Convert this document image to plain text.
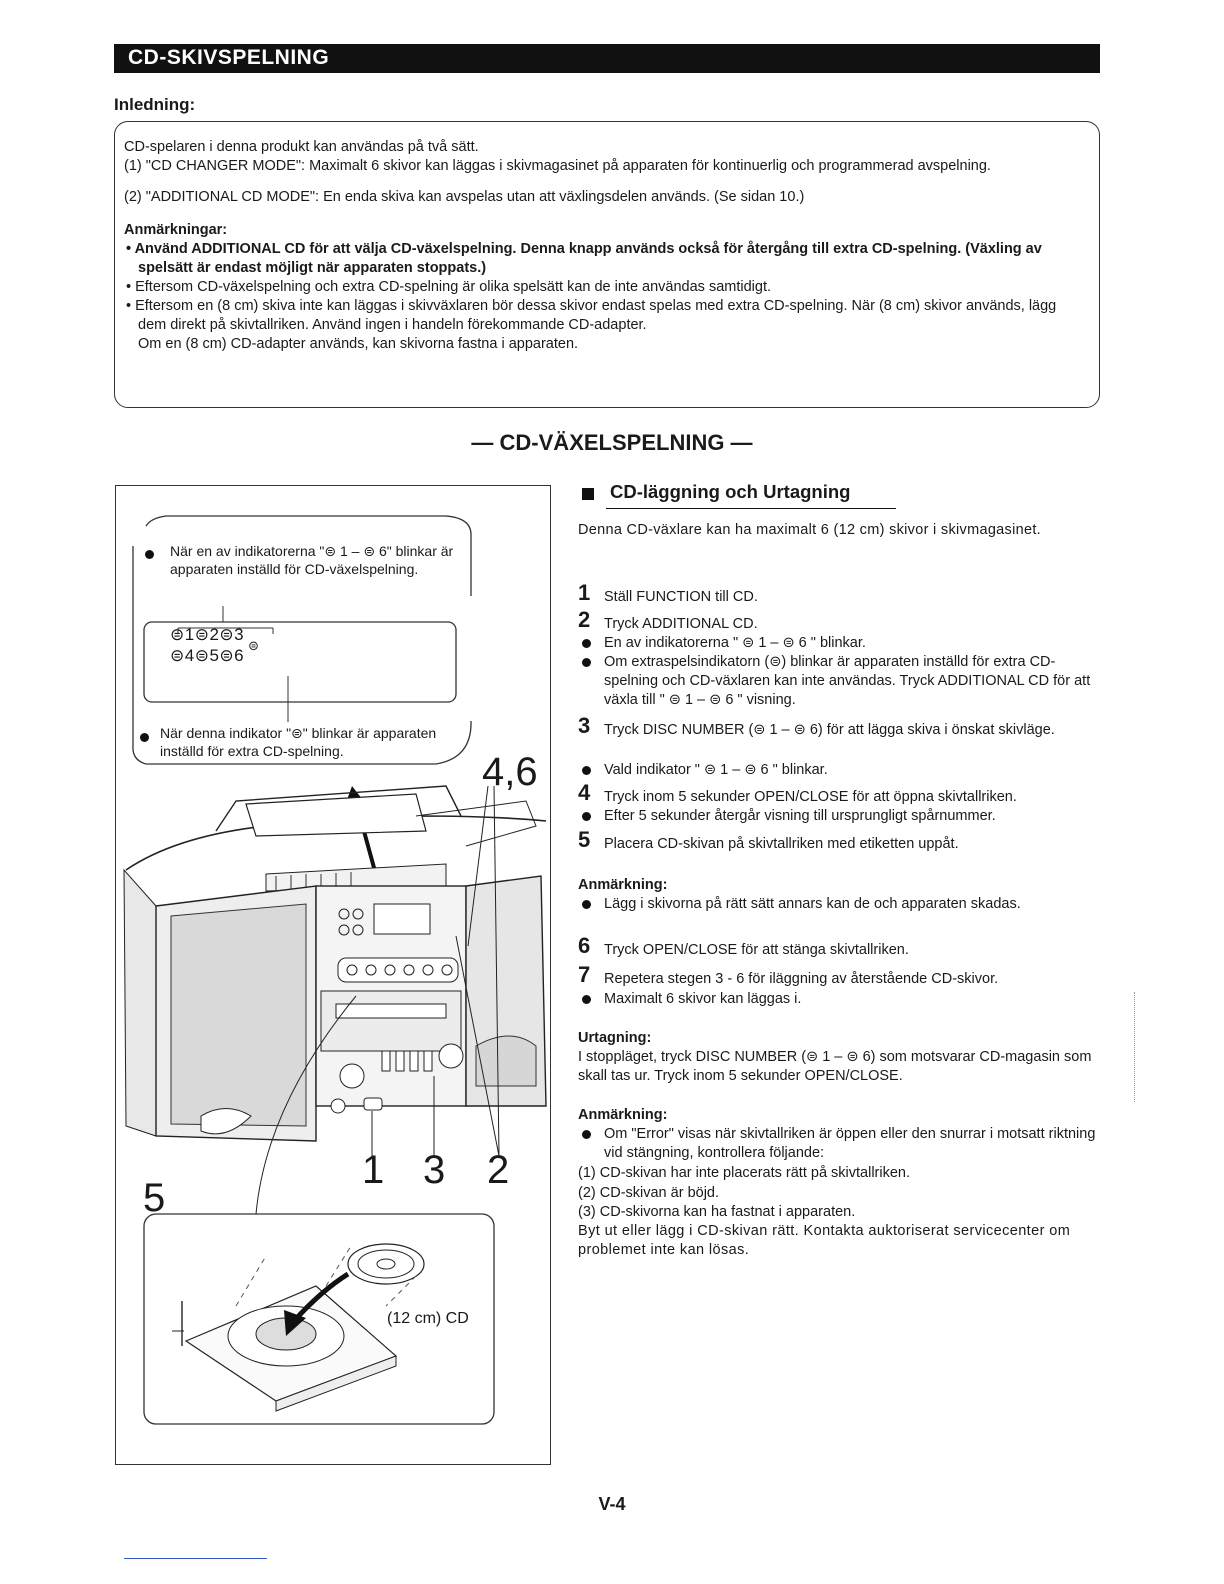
CD-SKIVSPELNING
Inledning:

CD-spelaren i denna produkt kan användas på två sätt.

(1) "CD CHANGER MODE": Maximalt 6 skivor kan läggas i skivmagasinet på apparaten för kontinuerlig och programmerad avspelning.

(2) "ADDITIONAL CD MODE": En enda skiva kan avspelas utan att växlingsdelen används. (Se sidan 10.)

Anmärkningar:

• Använd ADDITIONAL CD för att välja CD-växelspelning. Denna knapp används också för återgång till extra CD-spelning. (Växling av spelsätt är endast möjligt när apparaten stoppats.)

• Eftersom CD-växelspelning och extra CD-spelning är olika spelsätt kan de inte användas samtidigt.

• Eftersom en (8 cm) skiva inte kan läggas i skivväxlaren bör dessa skivor endast spelas med extra CD-spelning. När (8 cm) skivor används, lägg dem direkt på skivtallriken. Använd ingen i handeln förekommande CD-adapter.

Om en (8 cm) CD-adapter används, kan skivorna fastna i apparaten.

— CD-VÄXELSPELNING —
När en av indikatorerna "⊜ 1 – ⊜ 6" blinkar är apparaten inställd för CD-växelspelning.
⊜1⊜2⊜3
⊜4⊜5⊜6
⊜
När denna indikator "⊜" blinkar är apparaten inställd för extra CD-spelning.	4,6
1 3 2
5
(12 cm) CD
CD-läggning och Urtagning
Denna CD-växlare kan ha maximalt 6 (12 cm) skivor i skivmagasinet.
1 Ställ FUNCTION till CD.
2 Tryck ADDITIONAL CD.
En av indikatorerna " ⊜ 1 – ⊜ 6 " blinkar.
Om extraspelsindikatorn (⊜) blinkar är apparaten inställd för extra CD-spelning och CD-växlaren kan inte användas. Tryck ADDITIONAL CD för att växla till " ⊜ 1 – ⊜ 6 " visning.
3 Tryck DISC NUMBER (⊜ 1 – ⊜ 6) för att lägga skiva i önskat skivläge.
Vald indikator " ⊜ 1 – ⊜ 6 " blinkar.
4 Tryck inom 5 sekunder OPEN/CLOSE för att öppna skivtallriken.
Efter 5 sekunder återgår visning till ursprungligt spårnummer.
5 Placera CD-skivan på skivtallriken med etiketten uppåt.
Anmärkning:
Lägg i skivorna på rätt sätt annars kan de och apparaten skadas.
6 Tryck OPEN/CLOSE för att stänga skivtallriken.
7 Repetera stegen 3 - 6 för iläggning av återstående CD-skivor.
Maximalt 6 skivor kan läggas i.
Urtagning:
I stoppläget, tryck DISC NUMBER (⊜ 1 – ⊜ 6) som motsvarar CD-magasin som skall tas ur. Tryck inom 5 sekunder OPEN/CLOSE.
Anmärkning:
Om "Error" visas när skivtallriken är öppen eller den snurrar i motsatt riktning vid stängning, kontrollera följande:
(1) CD-skivan har inte placerats rätt på skivtallriken.
(2) CD-skivan är böjd.
(3) CD-skivorna kan ha fastnat i apparaten.
Byt ut eller lägg i CD-skivan rätt. Kontakta auktoriserat servicecenter om problemet inte kan lösas.
V-4
